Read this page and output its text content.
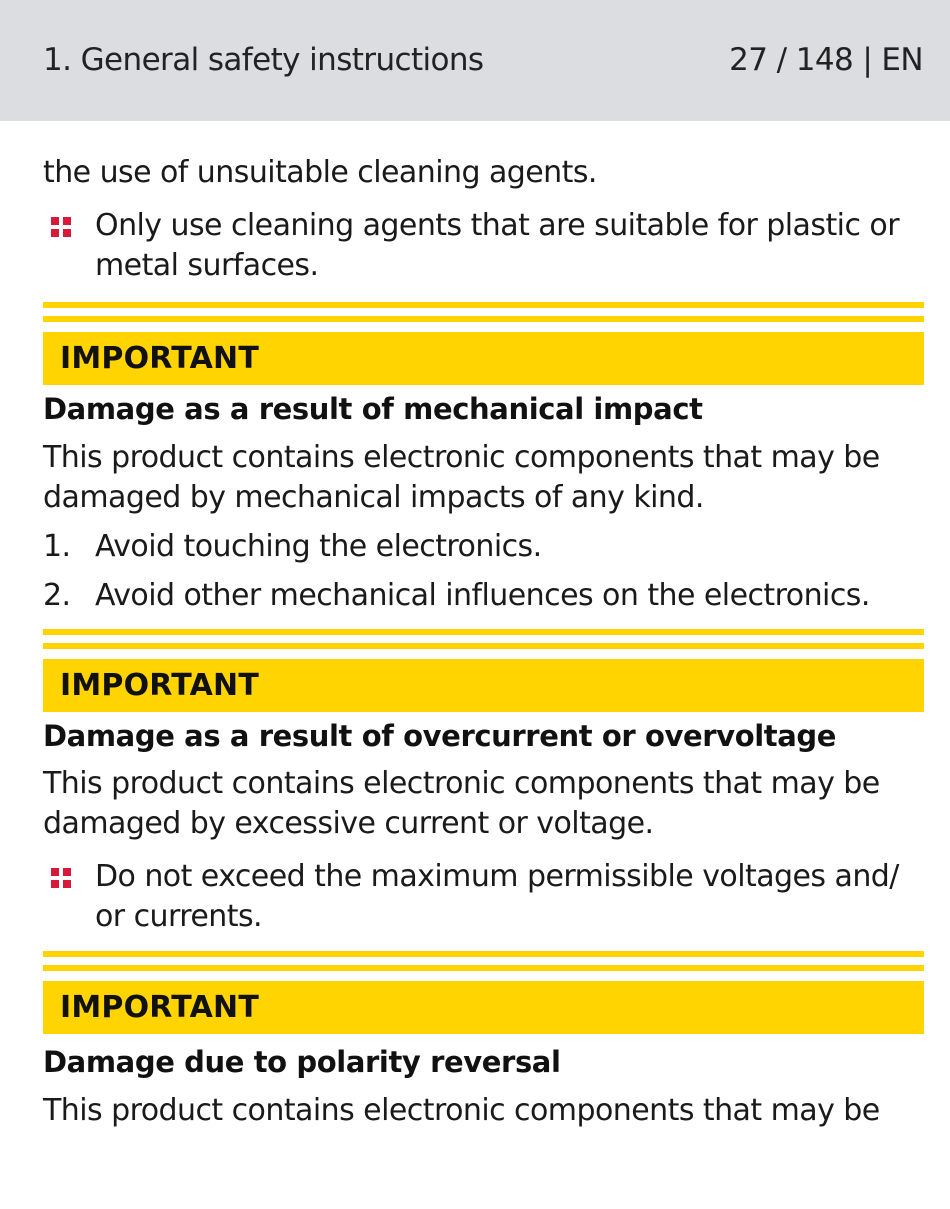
1. General safety instructions	27 / 148 | EN

the use of unsuitable cleaning agents.

Only use cleaning agents that are suitable for plastic or metal surfaces.
IMPORTANT
Damage as a result of mechanical impact

This product contains electronic components that may be damaged by mechanical impacts of any kind.

1. Avoid touching the electronics.
2. Avoid other mechanical influences on the electronics.
IMPORTANT
Damage as a result of overcurrent or overvoltage

This product contains electronic components that may be damaged by excessive current or voltage.

Do not exceed the maximum permissible voltages and/ or currents.
IMPORTANT
Damage due to polarity reversal

This product contains electronic components that may be
